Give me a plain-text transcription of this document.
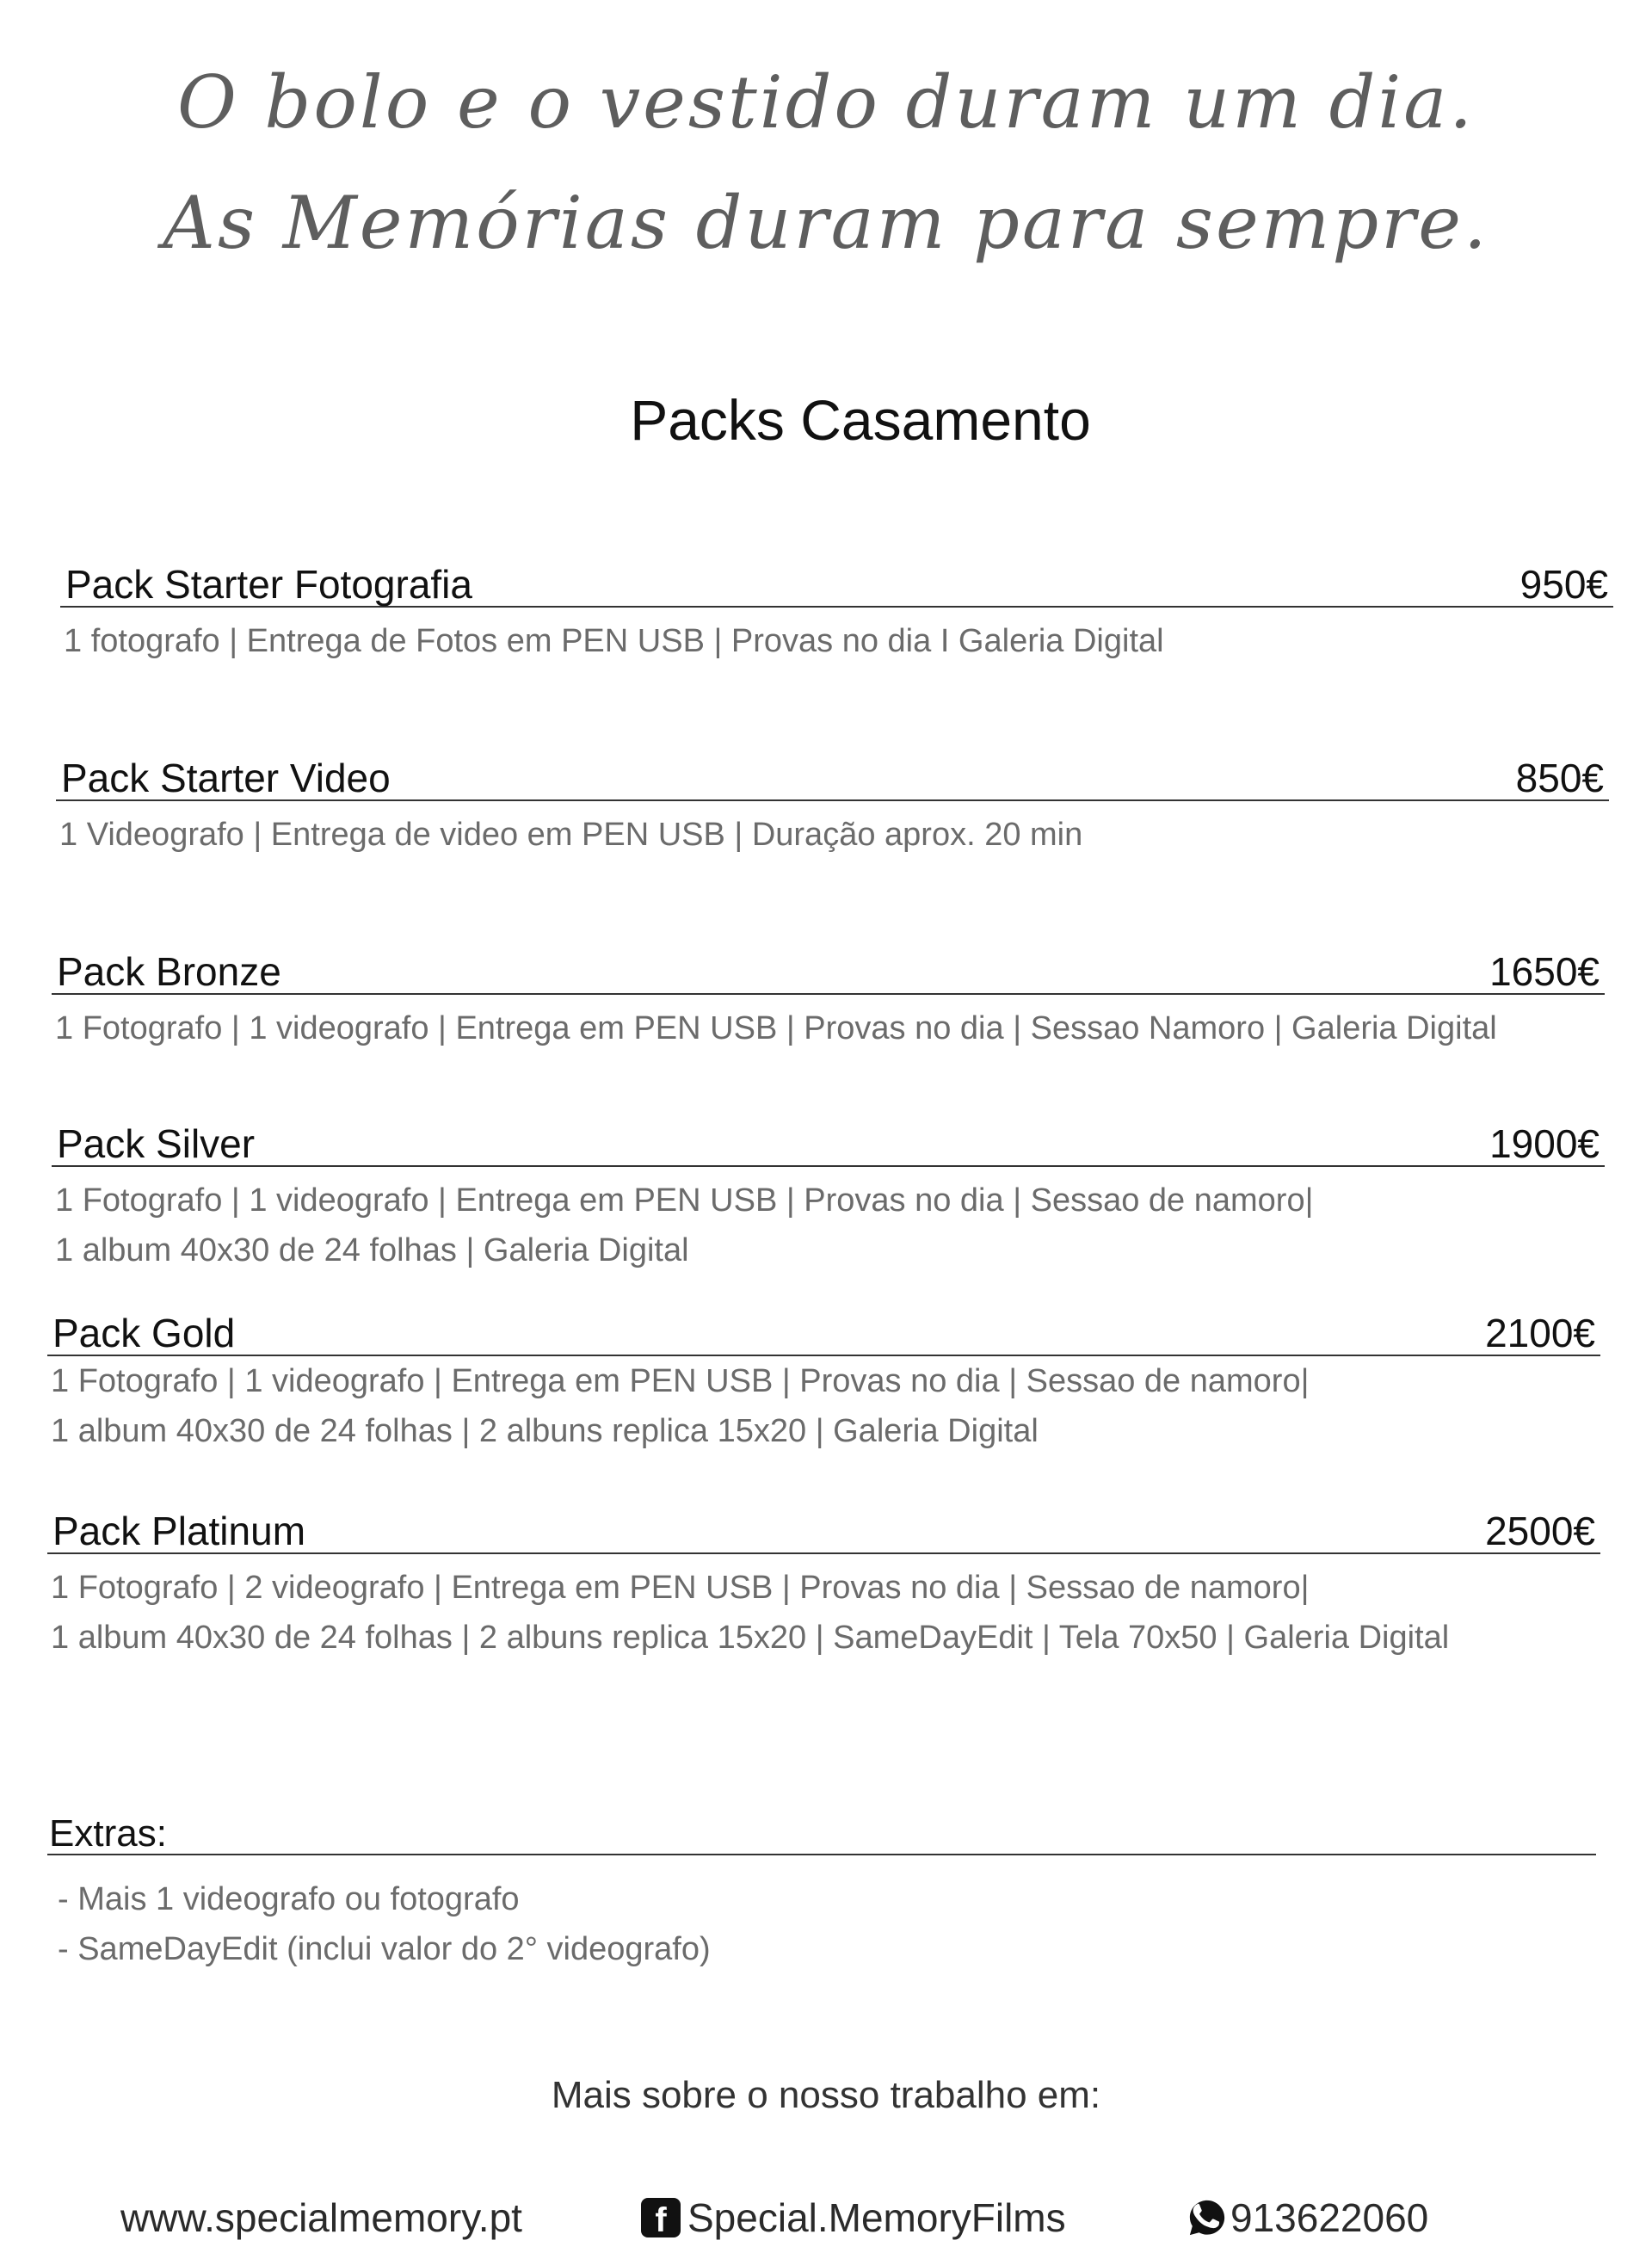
O bolo e o vestido duram um dia.
As Memórias duram para sempre.
Packs Casamento
Pack Starter Fotografia	950€
1 fotografo | Entrega de Fotos em PEN USB | Provas no dia I Galeria Digital
Pack Starter Video	850€
1 Videografo | Entrega de video em PEN USB | Duração aprox. 20 min
Pack Bronze	1650€
1 Fotografo | 1 videografo | Entrega em PEN USB | Provas no dia | Sessao Namoro | Galeria Digital
Pack Silver	1900€
1 Fotografo | 1 videografo | Entrega em PEN USB | Provas no dia | Sessao de namoro|
1 album 40x30 de 24 folhas | Galeria Digital
Pack Gold	2100€
1 Fotografo | 1 videografo | Entrega em PEN USB | Provas no dia | Sessao de namoro|
1 album 40x30 de 24 folhas | 2 albuns replica 15x20 | Galeria Digital
Pack Platinum	2500€
1 Fotografo | 2 videografo | Entrega em PEN USB | Provas no dia | Sessao de namoro|
1 album 40x30 de 24 folhas | 2 albuns replica 15x20 | SameDayEdit | Tela 70x50 | Galeria Digital
Extras:
- Mais 1 videografo ou fotografo
- SameDayEdit (inclui valor do 2° videografo)
Mais sobre o nosso trabalho em:
www.specialmemory.pt	f Special.MemoryFilms	913622060
